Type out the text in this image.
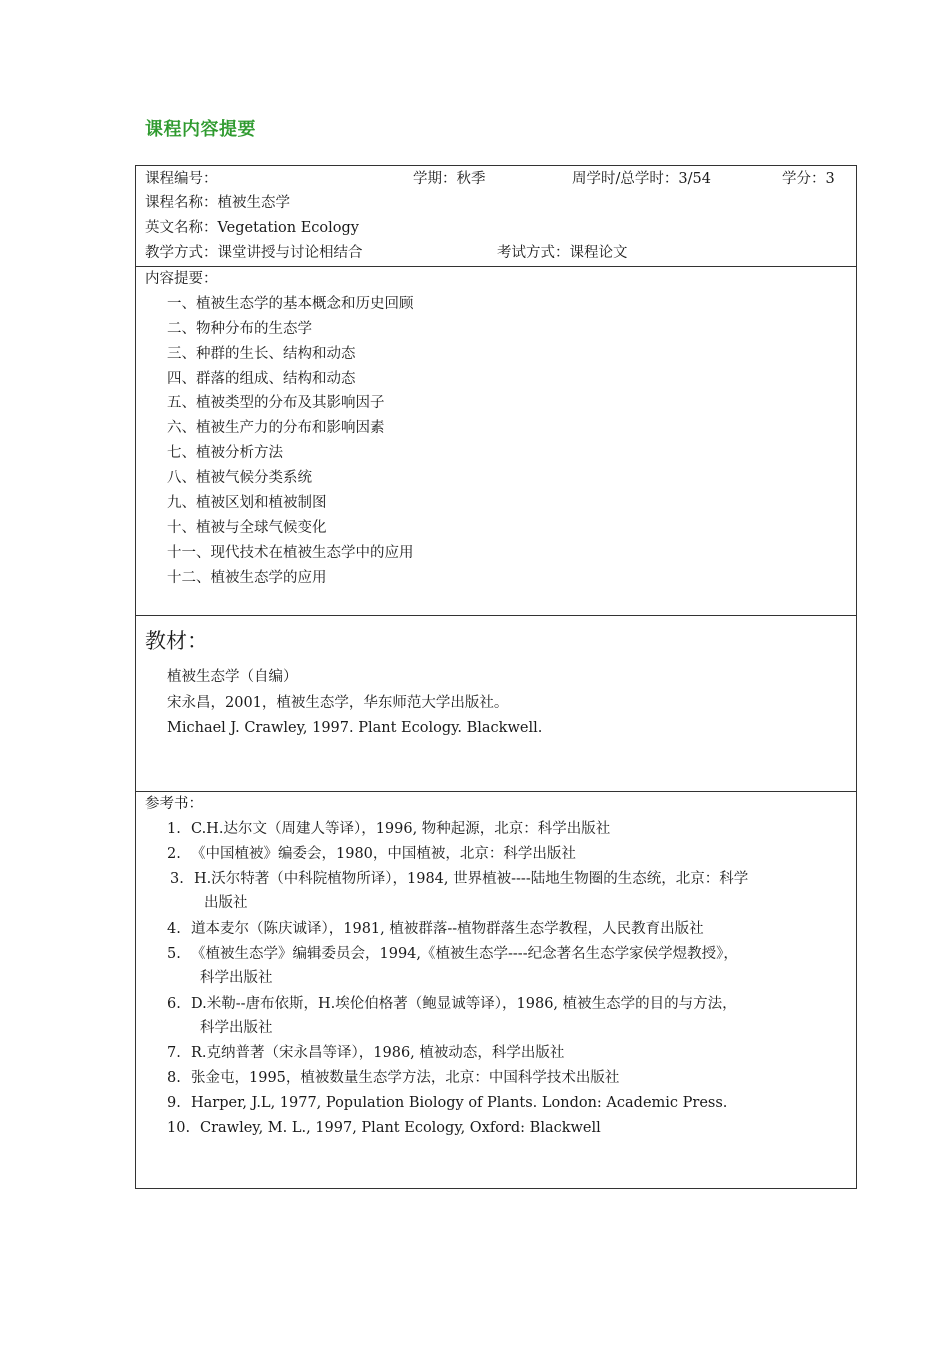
课程内容提要
课程编号：	学期：秋季	周学时/总学时：3/54	学分：3
课程名称：植被生态学
英文名称：Vegetation Ecology
教学方式：课堂讲授与讨论相结合	考试方式：课程论文
内容提要：
一、植被生态学的基本概念和历史回顾
二、物种分布的生态学
三、种群的生长、结构和动态
四、群落的组成、结构和动态
五、植被类型的分布及其影响因子
六、植被生产力的分布和影响因素
七、植被分析方法
八、植被气候分类系统
九、植被区划和植被制图
十、植被与全球气候变化
十一、现代技术在植被生态学中的应用
十二、植被生态学的应用
教材：
植被生态学（自编）
宋永昌，2001，植被生态学，华东师范大学出版社。
Michael J. Crawley, 1997. Plant Ecology. Blackwell.
参考书：
1. C.H.达尔文（周建人等译），1996, 物种起源，北京：科学出版社
2. 《中国植被》编委会，1980，中国植被，北京：科学出版社
3. H.沃尔特著（中科院植物所译），1984, 世界植被----陆地生物圈的生态统，北京：科学
出版社
4. 道本麦尔（陈庆诚译），1981, 植被群落--植物群落生态学教程，人民教育出版社
5. 《植被生态学》编辑委员会，1994,《植被生态学----纪念著名生态学家侯学煜教授》，
科学出版社
6. D.米勒--唐布依斯，H.埃伦伯格著（鲍显诚等译），1986, 植被生态学的目的与方法，
科学出版社
7. R.克纳普著（宋永昌等译），1986, 植被动态，科学出版社
8. 张金屯，1995，植被数量生态学方法，北京：中国科学技术出版社
9. Harper, J.L, 1977, Population Biology of Plants. London: Academic Press.
10. Crawley, M. L., 1997, Plant Ecology, Oxford: Blackwell
